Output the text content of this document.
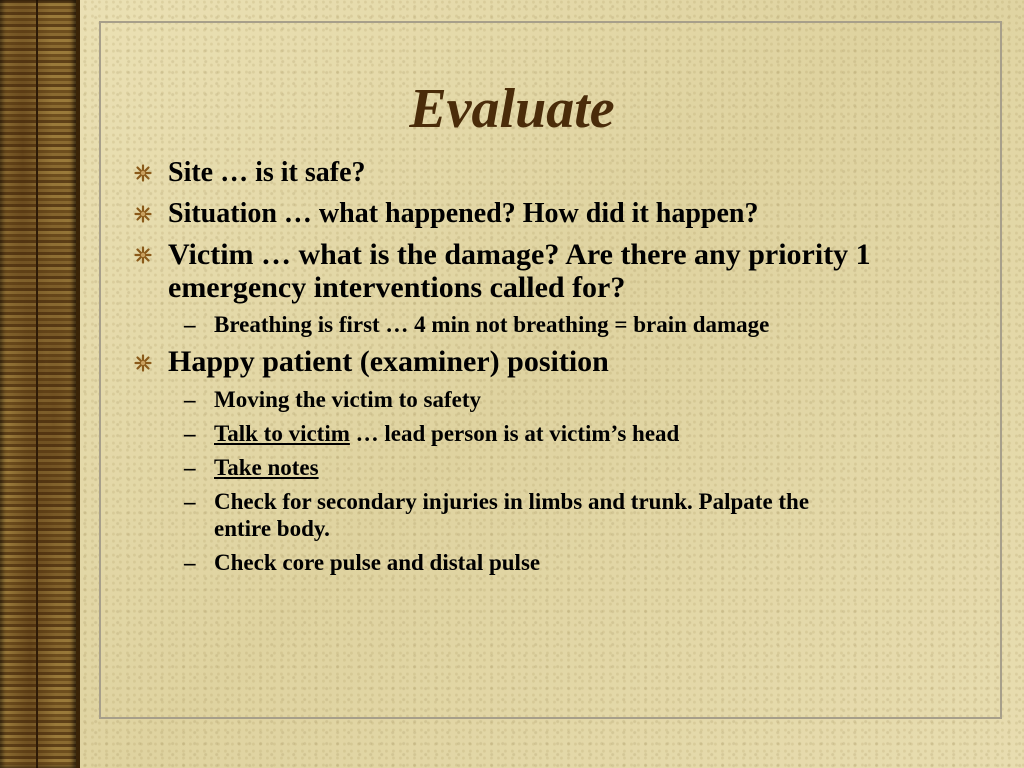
Evaluate
Site … is it safe?
Situation … what happened? How did it happen?
Victim … what is the damage? Are there any priority 1
emergency interventions called for?
– Breathing is first … 4 min not breathing = brain damage
Happy patient (examiner) position
– Moving the victim to safety
– Talk to victim … lead person is at victim’s head
– Take notes
– Check for secondary injuries in limbs and trunk. Palpate the
entire body.
– Check core pulse and distal pulse
